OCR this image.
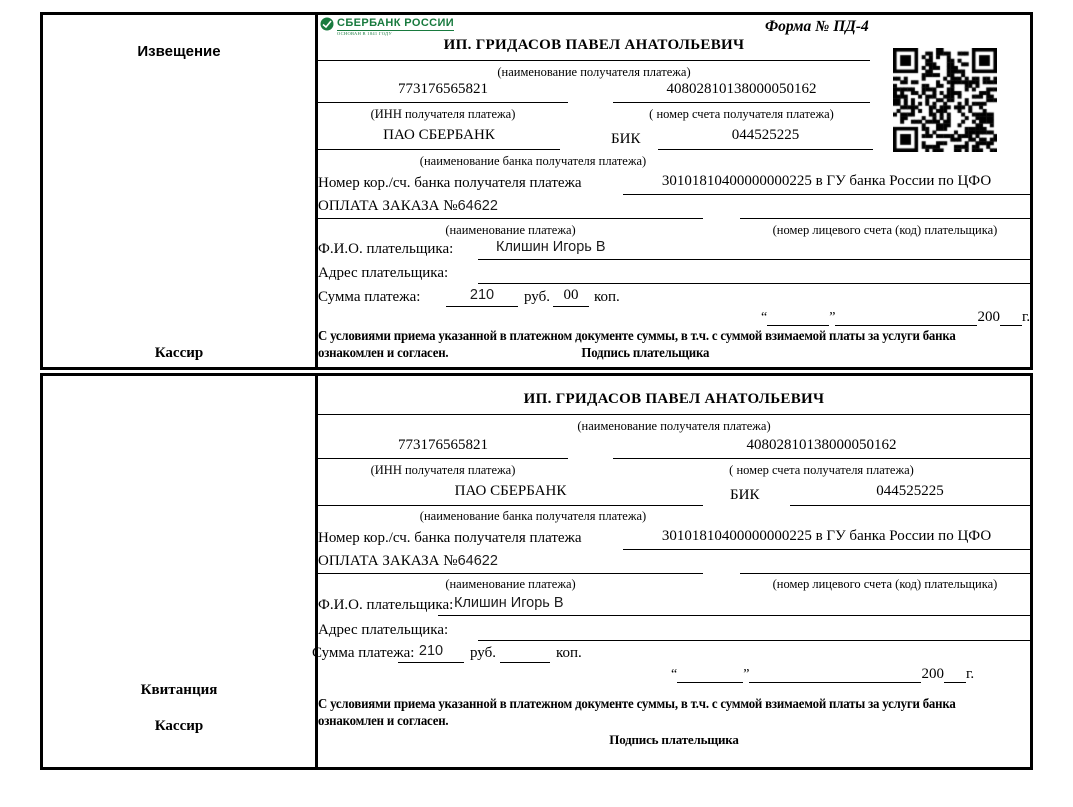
Извещение
Кассир
СБЕРБАНК РОССИИ
ОСНОВАН В 1841 ГОДУ	Форма № ПД-4
ИП. ГРИДАСОВ ПАВЕЛ АНАТОЛЬЕВИЧ
(наименование получателя платежа)
773176565821	40802810138000050162
(ИНН получателя платежа)	( номер счета получателя платежа)
ПАО СБЕРБАНК	БИК	044525225
(наименование банка получателя платежа)
Номер кор./сч. банка получателя платежа	30101810400000000225 в ГУ банка России по ЦФО
ОПЛАТА ЗАКАЗА №64622
(наименование платежа)	(номер лицевого счета (код) плательщика)
Ф.И.О. плательщика:	Клишин Игорь В
Адрес плательщика:
Сумма платежа:	210	руб. 00	коп.
“	”	200 г.
С условиями приема указанной в платежном документе суммы, в т.ч. с суммой взимаемой платы за услуги банка
ознакомлен и согласен.	Подпись плательщика
Квитанция
Кассир
ИП. ГРИДАСОВ ПАВЕЛ АНАТОЛЬЕВИЧ
(наименование получателя платежа)
773176565821	40802810138000050162
(ИНН получателя платежа)	( номер счета получателя платежа)
ПАО СБЕРБАНК	БИК	044525225
(наименование банка получателя платежа)
Номер кор./сч. банка получателя платежа	30101810400000000225 в ГУ банка России по ЦФО
ОПЛАТА ЗАКАЗА №64622
(наименование платежа)	(номер лицевого счета (код) плательщика)
Ф.И.О. плательщика: Клишин Игорь В
Адрес плательщика:
Сумма платежа: 210	руб.	коп.
“	”	200 г.
С условиями приема указанной в платежном документе суммы, в т.ч. с суммой взимаемой платы за услуги банка
ознакомлен и согласен.
Подпись плательщика
